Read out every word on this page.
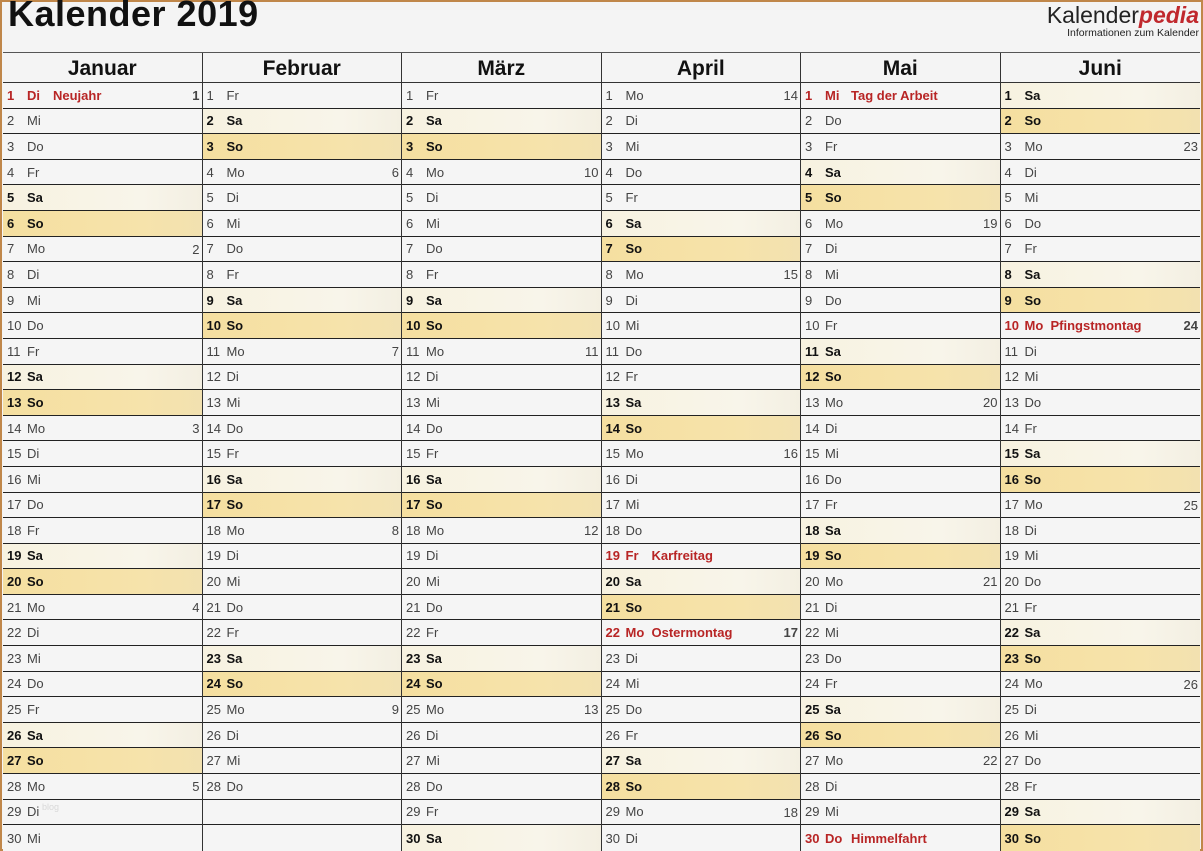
Kalender 2019	Kalenderpedia
Informationen zum Kalender
Januar
1 Di	Neujahr	1
2 Mi
3 Do
4 Fr
5 Sa
6 So
7 Mo	2
8 Di
9 Mi
10 Do
11 Fr
12 Sa
13 So
14 Mo	3
15 Di
16 Mi
17 Do
18 Fr
19 Sa
20 So
21 Mo	4
22 Di
23 Mi
24 Do
25 Fr
26 Sa
27 So
28 Mo	5
29 Di
30 Mi
Februar
1 Fr
2 Sa
3 So
4 Mo	6
5 Di
6 Mi
7 Do
8 Fr
9 Sa
10 So
11 Mo	7
12 Di
13 Mi
14 Do
15 Fr
16 Sa
17 So
18 Mo	8
19 Di
20 Mi
21 Do
22 Fr
23 Sa
24 So
25 Mo	9
26 Di
27 Mi
28 Do
März
1 Fr
2 Sa
3 So
4 Mo	10
5 Di
6 Mi
7 Do
8 Fr
9 Sa
10 So
11 Mo	11
12 Di
13 Mi
14 Do
15 Fr
16 Sa
17 So
18 Mo	12
19 Di
20 Mi
21 Do
22 Fr
23 Sa
24 So
25 Mo	13
26 Di
27 Mi
28 Do
29 Fr
30 Sa
April
1 Mo	14
2 Di
3 Mi
4 Do
5 Fr
6 Sa
7 So
8 Mo	15
9 Di
10 Mi
11 Do
12 Fr
13 Sa
14 So
15 Mo	16
16 Di
17 Mi
18 Do
19 Fr	Karfreitag
20 Sa
21 So
22 Mo Ostermontag	17
23 Di
24 Mi
25 Do
26 Fr
27 Sa
28 So
29 Mo	18
30 Di
Mai
1 Mi Tag der Arbeit
2 Do
3 Fr
4 Sa
5 So
6 Mo	19
7 Di
8 Mi
9 Do
10 Fr
11 Sa
12 So
13 Mo	20
14 Di
15 Mi
16 Do
17 Fr
18 Sa
19 So
20 Mo	21
21 Di
22 Mi
23 Do
24 Fr
25 Sa
26 So
27 Mo	22
28 Di
29 Mi
30 Do Himmelfahrt
Juni
1 Sa
2 So
3 Mo	23
4 Di
5 Mi
6 Do
7 Fr
8 Sa
9 So
10 Mo Pfingstmontag	24
11 Di
12 Mi
13 Do
14 Fr
15 Sa
16 So
17 Mo	25
18 Di
19 Mi
20 Do
21 Fr
22 Sa
23 So
24 Mo	26
25 Di
26 Mi
27 Do
28 Fr
29 Sa
30 So
blog
